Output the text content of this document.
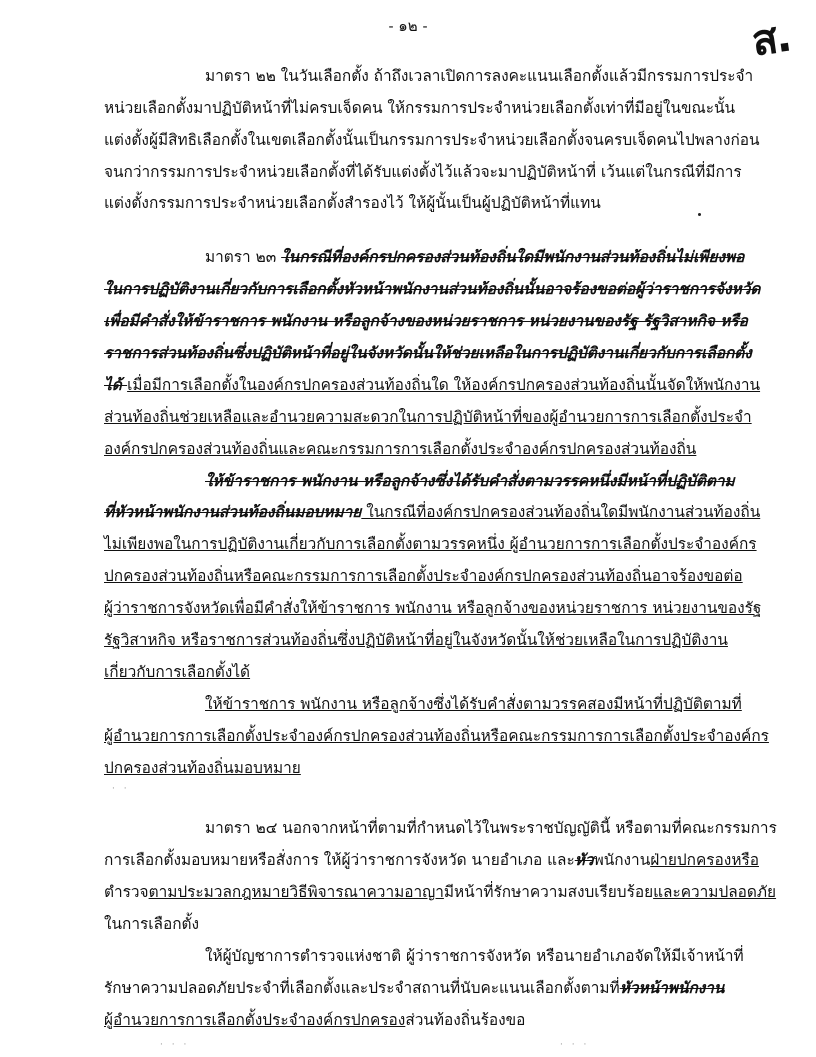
- ๑๒ -	ส.
มาตรา ๒๒ ในวันเลือกตั้ง ถ้าถึงเวลาเปิดการลงคะแนนเลือกตั้งแล้วมีกรรมการประจำ
หน่วยเลือกตั้งมาปฏิบัติหน้าที่ไม่ครบเจ็ดคน ให้กรรมการประจำหน่วยเลือกตั้งเท่าที่มีอยู่ในขณะนั้น
แต่งตั้งผู้มีสิทธิเลือกตั้งในเขตเลือกตั้งนั้นเป็นกรรมการประจำหน่วยเลือกตั้งจนครบเจ็ดคนไปพลางก่อน
จนกว่ากรรมการประจำหน่วยเลือกตั้งที่ได้รับแต่งตั้งไว้แล้วจะมาปฏิบัติหน้าที่ เว้นแต่ในกรณีที่มีการ
แต่งตั้งกรรมการประจำหน่วยเลือกตั้งสำรองไว้ ให้ผู้นั้นเป็นผู้ปฏิบัติหน้าที่แทน
มาตรา ๒๓ ในกรณีที่องค์กรปกครองส่วนท้องถิ่นใดมีพนักงานส่วนท้องถิ่นไม่เพียงพอ
ในการปฏิบัติงานเกี่ยวกับการเลือกตั้งหัวหน้าพนักงานส่วนท้องถิ่นนั้นอาจร้องขอต่อผู้ว่าราชการจังหวัด
เพื่อมีคำสั่งให้ข้าราชการ พนักงาน หรือลูกจ้างของหน่วยราชการ หน่วยงานของรัฐ รัฐวิสาหกิจ หรือ
ราชการส่วนท้องถิ่นซึ่งปฏิบัติหน้าที่อยู่ในจังหวัดนั้นให้ช่วยเหลือในการปฏิบัติงานเกี่ยวกับการเลือกตั้ง
ได้ เมื่อมีการเลือกตั้งในองค์กรปกครองส่วนท้องถิ่นใด ให้องค์กรปกครองส่วนท้องถิ่นนั้นจัดให้พนักงาน
ส่วนท้องถิ่นช่วยเหลือและอำนวยความสะดวกในการปฏิบัติหน้าที่ของผู้อำนวยการการเลือกตั้งประจำ
องค์กรปกครองส่วนท้องถิ่นและคณะกรรมการการเลือกตั้งประจำองค์กรปกครองส่วนท้องถิ่น
ให้ข้าราชการ พนักงาน หรือลูกจ้างซึ่งได้รับคำสั่งตามวรรคหนึ่งมีหน้าที่ปฏิบัติตาม
ที่หัวหน้าพนักงานส่วนท้องถิ่นมอบหมาย ในกรณีที่องค์กรปกครองส่วนท้องถิ่นใดมีพนักงานส่วนท้องถิ่น
ไม่เพียงพอในการปฏิบัติงานเกี่ยวกับการเลือกตั้งตามวรรคหนึ่ง ผู้อำนวยการการเลือกตั้งประจำองค์กร
ปกครองส่วนท้องถิ่นหรือคณะกรรมการการเลือกตั้งประจำองค์กรปกครองส่วนท้องถิ่นอาจร้องขอต่อ
ผู้ว่าราชการจังหวัดเพื่อมีคำสั่งให้ข้าราชการ พนักงาน หรือลูกจ้างของหน่วยราชการ หน่วยงานของรัฐ
รัฐวิสาหกิจ หรือราชการส่วนท้องถิ่นซึ่งปฏิบัติหน้าที่อยู่ในจังหวัดนั้นให้ช่วยเหลือในการปฏิบัติงาน
เกี่ยวกับการเลือกตั้งได้
ให้ข้าราชการ พนักงาน หรือลูกจ้างซึ่งได้รับคำสั่งตามวรรคสองมีหน้าที่ปฏิบัติตามที่
ผู้อำนวยการการเลือกตั้งประจำองค์กรปกครองส่วนท้องถิ่นหรือคณะกรรมการการเลือกตั้งประจำองค์กร
ปกครองส่วนท้องถิ่นมอบหมาย
· ·
มาตรา ๒๔ นอกจากหน้าที่ตามที่กำหนดไว้ในพระราชบัญญัตินี้ หรือตามที่คณะกรรมการ
การเลือกตั้งมอบหมายหรือสั่งการ ให้ผู้ว่าราชการจังหวัด นายอำเภอ และหัวพนักงานฝ่ายปกครองหรือ
ตำรวจตามประมวลกฎหมายวิธีพิจารณาความอาญามีหน้าที่รักษาความสงบเรียบร้อยและความปลอดภัย
ในการเลือกตั้ง
ให้ผู้บัญชาการตำรวจแห่งชาติ ผู้ว่าราชการจังหวัด หรือนายอำเภอจัดให้มีเจ้าหน้าที่
รักษาความปลอดภัยประจำที่เลือกตั้งและประจำสถานที่นับคะแนนเลือกตั้งตามที่หัวหน้าพนักงาน
ผู้อำนวยการการเลือกตั้งประจำองค์กรปกครองส่วนท้องถิ่นร้องขอ
· · ·	· · ·
